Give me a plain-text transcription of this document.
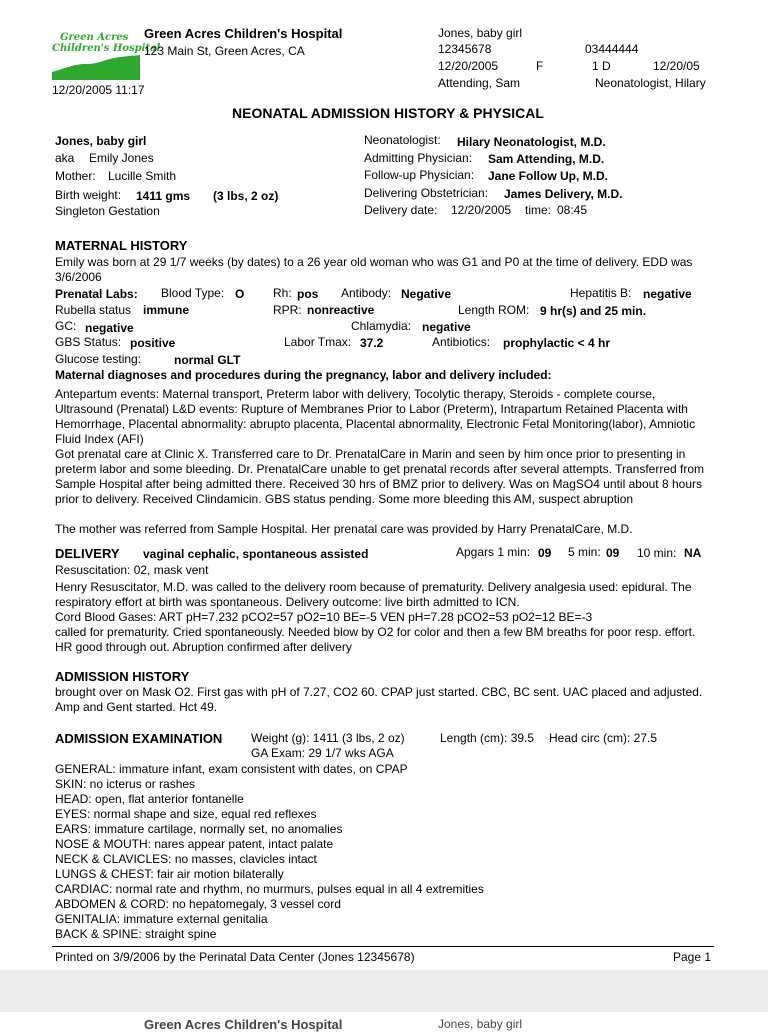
Green Acres
Children's Hospital
Green Acres Children's Hospital
123 Main St, Green Acres, CA
12/20/2005 11:17
Jones, baby girl
12345678	03444444
12/20/2005	F	1 D	12/20/05
Attending, Sam	Neonatologist, Hilary
NEONATAL ADMISSION HISTORY & PHYSICAL
Jones, baby girl
aka Emily Jones
Mother: Lucille Smith
Birth weight: 1411 gms (3 lbs, 2 oz)
Singleton Gestation
Neonatologist: Hilary Neonatologist, M.D.
Admitting Physician: Sam Attending, M.D.
Follow-up Physician: Jane Follow Up, M.D.
Delivering Obstetrician: James Delivery, M.D.
Delivery date: 12/20/2005 time: 08:45
MATERNAL HISTORY
Emily was born at 29 1/7 weeks (by dates) to a 26 year old woman who was G1 and P0 at the time of delivery. EDD was 3/6/2006
Prenatal Labs: Blood Type: O Rh: pos Antibody: Negative	Hepatitis B: negative
Rubella status immune	RPR: nonreactive	Length ROM: 9 hr(s) and 25 min.
GC: negative	Chlamydia: negative
GBS Status: positive	Labor Tmax: 37.2	Antibiotics: prophylactic < 4 hr
Glucose testing:	normal GLT
Maternal diagnoses and procedures during the pregnancy, labor and delivery included:
Antepartum events: Maternal transport, Preterm labor with delivery, Tocolytic therapy, Steroids - complete course, Ultrasound (Prenatal) L&D events: Rupture of Membranes Prior to Labor (Preterm), Intrapartum Retained Placenta with Hemorrhage, Placental abnormality: abrupto placenta, Placental abnormality, Electronic Fetal Monitoring(labor), Amniotic Fluid Index (AFI)
Got prenatal care at Clinic X. Transferred care to Dr. PrenatalCare in Marin and seen by him once prior to presenting in preterm labor and some bleeding. Dr. PrenatalCare unable to get prenatal records after several attempts. Transferred from Sample Hospital after being admitted there. Received 30 hrs of BMZ prior to delivery. Was on MagSO4 until about 8 hours prior to delivery. Received Clindamicin. GBS status pending. Some more bleeding this AM, suspect abruption
The mother was referred from Sample Hospital. Her prenatal care was provided by Harry PrenatalCare, M.D.
DELIVERY vaginal cephalic, spontaneous assisted	Apgars 1 min: 09 5 min: 09 10 min: NA
Resuscitation: 02, mask vent
Henry Resuscitator, M.D. was called to the delivery room because of prematurity. Delivery analgesia used: epidural. The respiratory effort at birth was spontaneous. Delivery outcome: live birth admitted to ICN.
Cord Blood Gases: ART pH=7.232 pCO2=57 pO2=10 BE=-5 VEN pH=7.28 pCO2=53 pO2=12 BE=-3
called for prematurity. Cried spontaneously. Needed blow by O2 for color and then a few BM breaths for poor resp. effort. HR good through out. Abruption confirmed after delivery
ADMISSION HISTORY
brought over on Mask O2. First gas with pH of 7.27, CO2 60. CPAP just started. CBC, BC sent. UAC placed and adjusted. Amp and Gent started. Hct 49.
ADMISSION EXAMINATION Weight (g): 1411 (3 lbs, 2 oz)	Length (cm): 39.5 Head circ (cm): 27.5
GA Exam: 29 1/7 wks AGA
GENERAL: immature infant, exam consistent with dates, on CPAP
SKIN: no icterus or rashes
HEAD: open, flat anterior fontanelle
EYES: normal shape and size, equal red reflexes
EARS: immature cartilage, normally set, no anomalies
NOSE & MOUTH: nares appear patent, intact palate
NECK & CLAVICLES: no masses, clavicles intact
LUNGS & CHEST: fair air motion bilaterally
CARDIAC: normal rate and rhythm, no murmurs, pulses equal in all 4 extremities
ABDOMEN & CORD: no hepatomegaly, 3 vessel cord
GENITALIA: immature external genitalia
BACK & SPINE: straight spine
Printed on 3/9/2006 by the Perinatal Data Center (Jones 12345678)	Page 1
Green Acres Children's Hospital	Jones, baby girl
